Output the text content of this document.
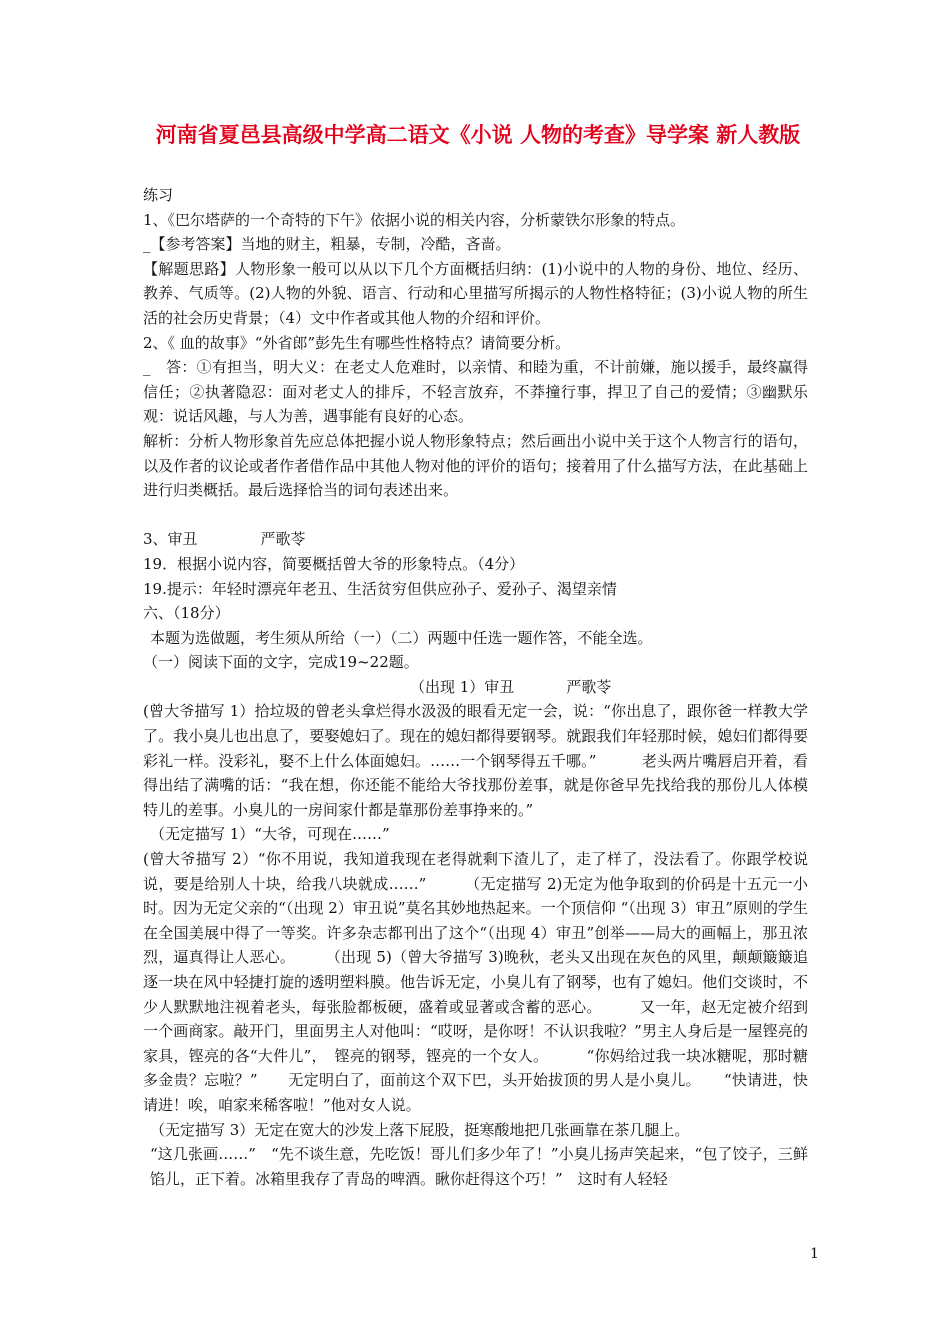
河南省夏邑县高级中学高二语文《小说 人物的考查》导学案 新人教版

练习

1、《巴尔塔萨的一个奇特的下午》依据小说的相关内容，分析蒙铁尔形象的特点。

_【参考答案】当地的财主，粗暴，专制，冷酷，吝啬。

【解题思路】人物形象一般可以从以下几个方面概括归纳：(1)小说中的人物的身份、地位、经历、教养、气质等。(2)人物的外貌、语言、行动和心里描写所揭示的人物性格特征；(3)小说人物的所生活的社会历史背景；（4）文中作者或其他人物的介绍和评价。

2、《 血的故事》“外省郎”彭先生有哪些性格特点？请简要分析。

_　答：①有担当，明大义：在老丈人危难时，以亲情、和睦为重，不计前嫌，施以援手，最终赢得信任；②执著隐忍：面对老丈人的排斥，不轻言放弃，不莽撞行事，捍卫了自己的爱情；③幽默乐观：说话风趣，与人为善，遇事能有良好的心态。

解析：分析人物形象首先应总体把握小说人物形象特点；然后画出小说中关于这个人物言行的语句，以及作者的议论或者作者借作品中其他人物对他的评价的语句；接着用了什么描写方法，在此基础上进行归类概括。最后选择恰当的词句表述出来。

3、审丑	严歌苓

19．根据小说内容，简要概括曾大爷的形象特点。（4分）

19.提示：年轻时漂亮年老丑、生活贫穷但供应孙子、爱孙子、渴望亲情

六、（18分）

本题为选做题，考生须从所给（一）（二）两题中任选一题作答，不能全选。

（一）阅读下面的文字，完成19~22题。

（出现 1）审丑	严歌苓

(曾大爷描写 1）拾垃圾的曾老头拿烂得水汲汲的眼看无定一会，说：“你出息了，跟你爸一样教大学了。我小臭儿也出息了，要娶媳妇了。现在的媳妇都得要钢琴。就跟我们年轻那时候，媳妇们都得要彩礼一样。没彩礼，娶不上什么体面媳妇。……一个钢琴得五千哪。”　　　老头两片嘴唇启开着，看得出结了满嘴的话：“我在想，你还能不能给大爷找那份差事，就是你爸早先找给我的那份儿人体模特儿的差事。小臭儿的一房间家什都是靠那份差事挣来的。”

（无定描写 1）“大爷，可现在……”

(曾大爷描写 2）“你不用说，我知道我现在老得就剩下渣儿了，走了样了，没法看了。你跟学校说说，要是给别人十块，给我八块就成……”　　　（无定描写 2)无定为他争取到的价码是十五元一小时。因为无定父亲的“（出现 2）审丑说”莫名其妙地热起来。一个顶信仰 “（出现 3）审丑”原则的学生在全国美展中得了一等奖。许多杂志都刊出了这个“（出现 4）审丑”创举——局大的画幅上，那丑浓烈，逼真得让人恶心。　　　（出现 5)（曾大爷描写 3)晚秋，老头又出现在灰色的风里，颠颠簸簸追逐一块在风中轻捷打旋的透明塑料膜。他告诉无定，小臭儿有了钢琴，也有了媳妇。他们交谈时，不少人默默地注视着老头，每张脸都板硬，盛着或显著或含蓄的恶心。　　　又一年，赵无定被介绍到一个画商家。敲开门，里面男主人对他叫：“哎呀，是你呀！不认识我啦？”男主人身后是一屋铿亮的家具，铿亮的各“大件儿”，　铿亮的钢琴，铿亮的一个女人。　　　“你妈给过我一块冰糖呢，那时糖多金贵？忘啦？”　　无定明白了，面前这个双下巴，头开始拔顶的男人是小臭儿。　　“快请进，快请进！唉，咱家来稀客啦！”他对女人说。

（无定描写 3）无定在宽大的沙发上落下屁股，挺寒酸地把几张画靠在茶几腿上。

“这几张画……”　“先不谈生意，先吃饭！哥儿们多少年了！”小臭儿扬声笑起来，“包了饺子，三鲜馅儿，正下着。冰箱里我存了青岛的啤酒。瞅你赶得这个巧！”　这时有人轻轻

1
